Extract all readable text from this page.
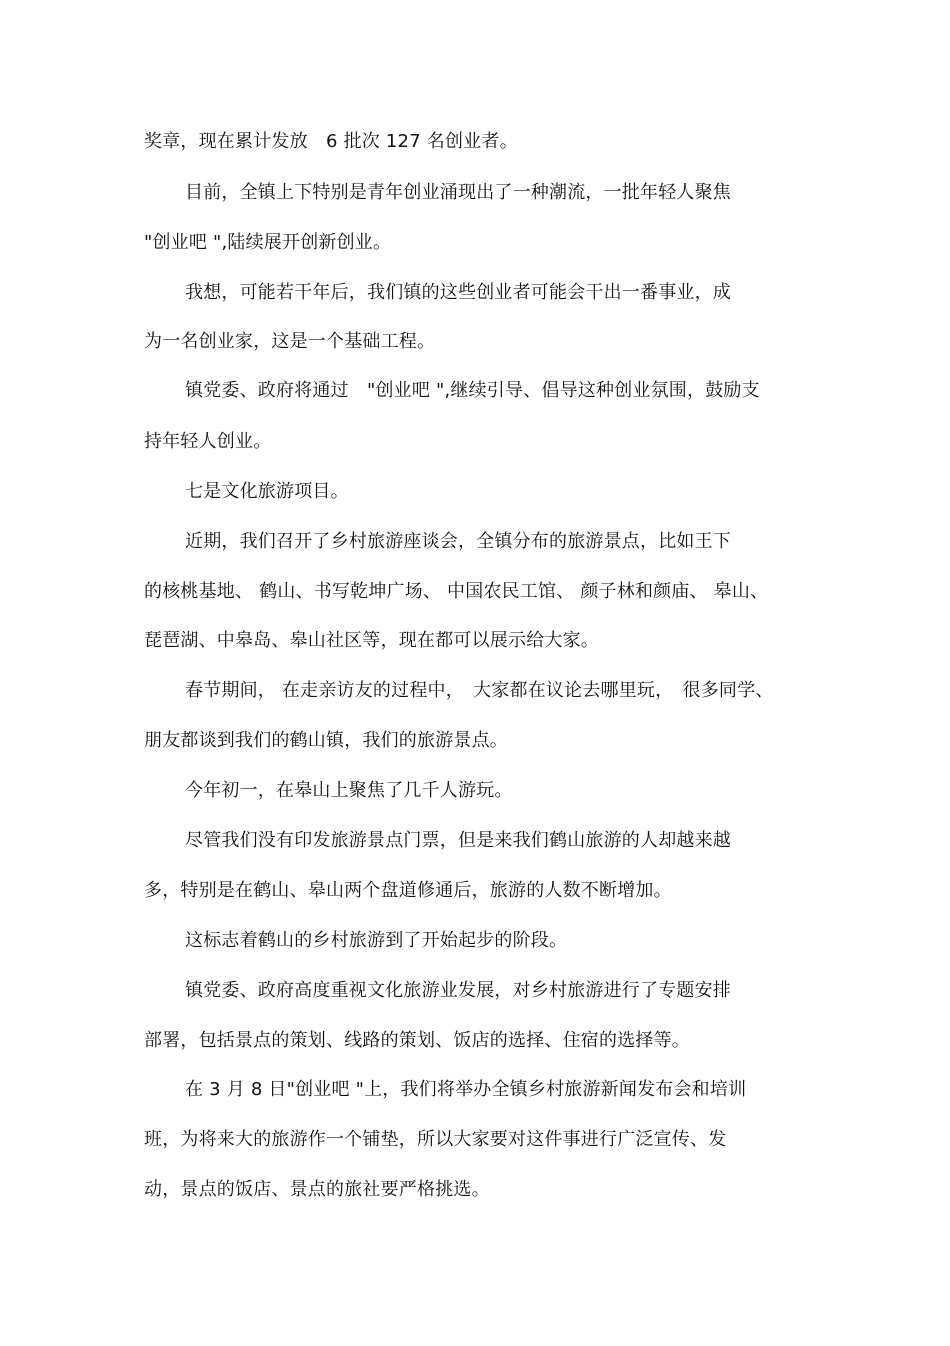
奖章，现在累计发放　6 批次 127 名创业者。
目前，全镇上下特别是青年创业涌现出了一种潮流，一批年轻人聚焦
"创业吧 ",陆续展开创新创业。
我想，可能若干年后，我们镇的这些创业者可能会干出一番事业，成
为一名创业家，这是一个基础工程。
镇党委、政府将通过　"创业吧 ",继续引导、倡导这种创业氛围，鼓励支
持年轻人创业。
七是文化旅游项目。
近期，我们召开了乡村旅游座谈会，全镇分布的旅游景点，比如王下
的核桃基地、 鹤山、书写乾坤广场、 中国农民工馆、 颜子林和颜庙、 皋山、
琵琶湖、中皋岛、皋山社区等，现在都可以展示给大家。
春节期间， 在走亲访友的过程中，　大家都在议论去哪里玩，　很多同学、
朋友都谈到我们的鹤山镇，我们的旅游景点。
今年初一，在皋山上聚焦了几千人游玩。
尽管我们没有印发旅游景点门票，但是来我们鹤山旅游的人却越来越
多，特别是在鹤山、皋山两个盘道修通后，旅游的人数不断增加。
这标志着鹤山的乡村旅游到了开始起步的阶段。
镇党委、政府高度重视文化旅游业发展，对乡村旅游进行了专题安排
部署，包括景点的策划、线路的策划、饭店的选择、住宿的选择等。
在 3 月 8 日"创业吧 "上，我们将举办全镇乡村旅游新闻发布会和培训
班，为将来大的旅游作一个铺垫，所以大家要对这件事进行广泛宣传、发
动，景点的饭店、景点的旅社要严格挑选。
